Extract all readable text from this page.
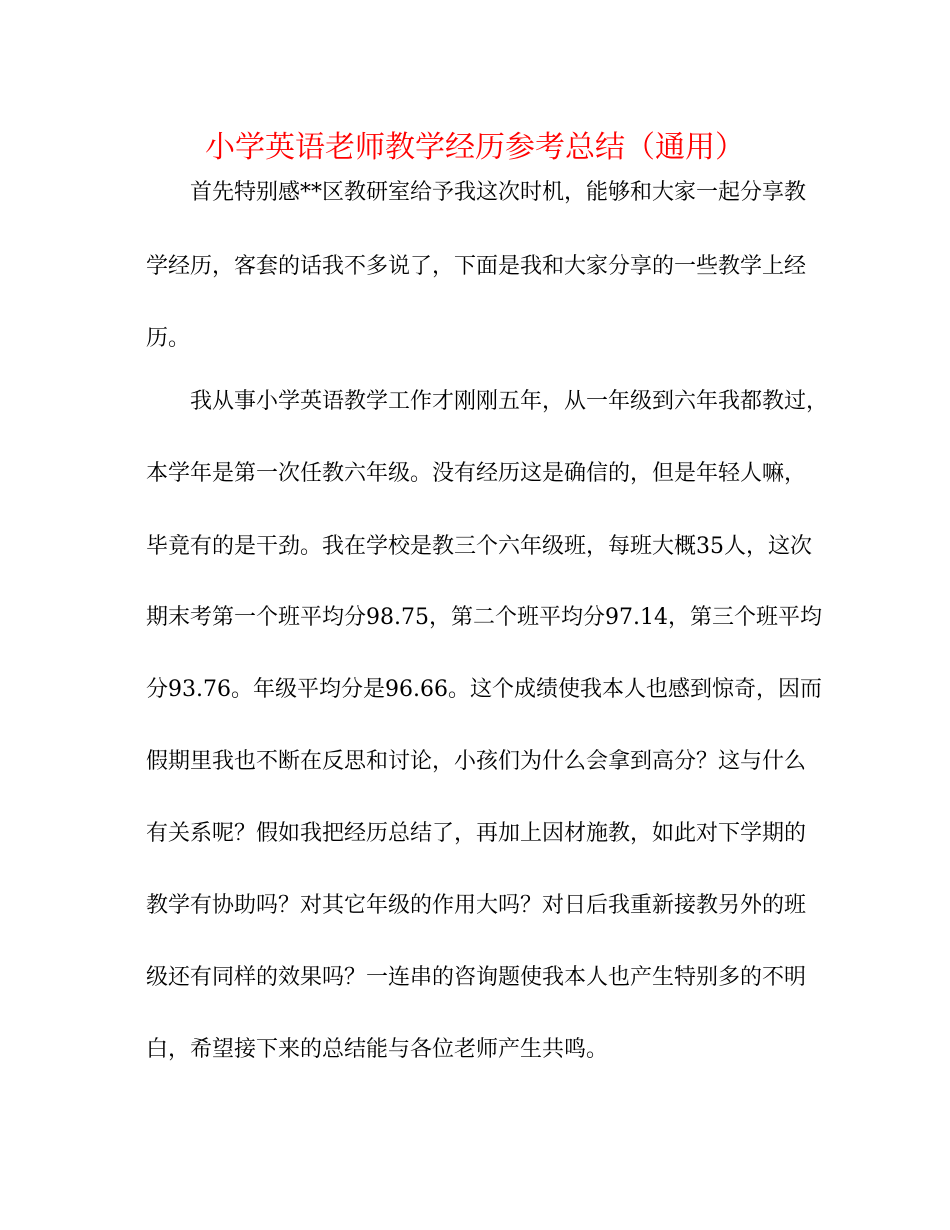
小学英语老师教学经历参考总结（通用）
首先特别感**区教研室给予我这次时机，能够和大家一起分享教
学经历，客套的话我不多说了，下面是我和大家分享的一些教学上经
历。
我从事小学英语教学工作才刚刚五年，从一年级到六年我都教过，
本学年是第一次任教六年级。没有经历这是确信的，但是年轻人嘛，
毕竟有的是干劲。我在学校是教三个六年级班，每班大概35人，这次
期末考第一个班平均分98.75，第二个班平均分97.14，第三个班平均
分93.76。年级平均分是96.66。这个成绩使我本人也感到惊奇，因而
假期里我也不断在反思和讨论，小孩们为什么会拿到高分？这与什么
有关系呢？假如我把经历总结了，再加上因材施教，如此对下学期的
教学有协助吗？对其它年级的作用大吗？对日后我重新接教另外的班
级还有同样的效果吗？一连串的咨询题使我本人也产生特别多的不明
白，希望接下来的总结能与各位老师产生共鸣。
